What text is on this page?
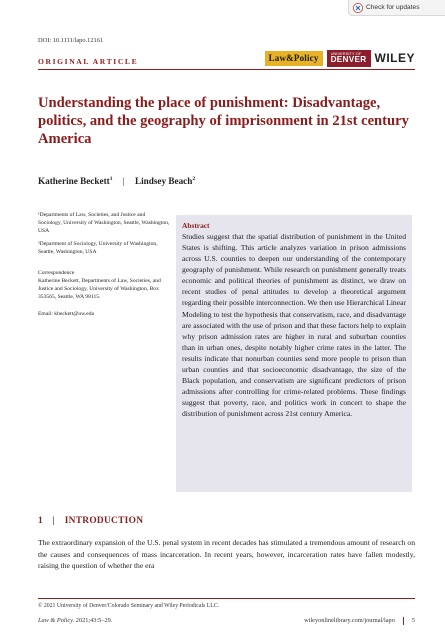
Check for updates
DOI: 10.1111/lapo.12161
ORIGINAL ARTICLE	Law&Policy	UNIVERSITY OF
DENVER WILEY
Understanding the place of punishment: Disadvantage, politics, and the geography of imprisonment in 21st century America
Katherine Beckett$^1$ | Lindsey Beach$^2$
¹Departments of Law, Societies, and Justice and Sociology, University of Washington, Seattle, Washington, USA
²Department of Sociology, University of Washington, Seattle, Washington, USA
Correspondence
Katherine Beckett, Departments of Law, Societies, and Justice and Sociology, University of Washington, Box 353565, Seattle, WA 98115.
Email: kbeckett@uw.edu
Abstract

Studies suggest that the spatial distribution of punishment in the United States is shifting. This article analyzes variation in prison admissions across U.S. counties to deepen our understanding of the contemporary geography of punishment. While research on punishment generally treats economic and political theories of punishment as distinct, we draw on recent studies of penal attitudes to develop a theoretical argument regarding their possible interconnection. We then use Hierarchical Linear Modeling to test the hypothesis that conservatism, race, and disadvantage are associated with the use of prison and that these factors help to explain why prison admission rates are higher in rural and suburban counties than in urban ones, despite notably higher crime rates in the latter. The results indicate that nonurban counties send more people to prison than urban counties and that socioeconomic disadvantage, the size of the Black population, and conservatism are significant predictors of prison admissions after controlling for crime-related problems. These findings suggest that poverty, race, and politics work in concert to shape the distribution of punishment across 21st century America.

1 | INTRODUCTION

The extraordinary expansion of the U.S. penal system in recent decades has stimulated a tremendous amount of research on the causes and consequences of mass incarceration. In recent years, however, incarceration rates have fallen modestly, raising the question of whether the era

© 2021 University of Denver/Colorado Seminary and Wiley Periodicals LLC.
Law & Policy. 2021;43:5–29.	wileyonlinelibrary.com/journal/lapo	5
